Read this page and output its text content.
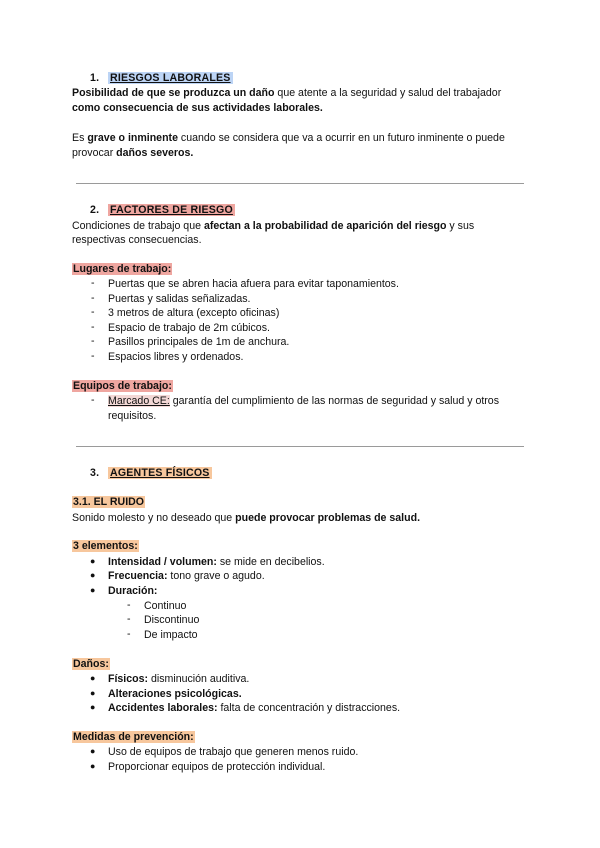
1. RIESGOS LABORALES
Posibilidad de que se produzca un daño que atente a la seguridad y salud del trabajador
como consecuencia de sus actividades laborales.
Es grave o inminente cuando se considera que va a ocurrir en un futuro inminente o puede
provocar daños severos.
2. FACTORES DE RIESGO
Condiciones de trabajo que afectan a la probabilidad de aparición del riesgo y sus
respectivas consecuencias.
Lugares de trabajo:
-	Puertas que se abren hacia afuera para evitar taponamientos.
-	Puertas y salidas señalizadas.
-	3 metros de altura (excepto oficinas)
-	Espacio de trabajo de 2m cúbicos.
-	Pasillos principales de 1m de anchura.
-	Espacios libres y ordenados.
Equipos de trabajo:
-	Marcado CE: garantía del cumplimiento de las normas de seguridad y salud y otros
requisitos.
3. AGENTES FÍSICOS
3.1. EL RUIDO
Sonido molesto y no deseado que puede provocar problemas de salud.
3 elementos:
●	Intensidad / volumen: se mide en decibelios.
●	Frecuencia: tono grave o agudo.
●	Duración:
-	Continuo
-	Discontinuo
-	De impacto
Daños:
●	Físicos: disminución auditiva.
●	Alteraciones psicológicas.
●	Accidentes laborales: falta de concentración y distracciones.
Medidas de prevención:
●	Uso de equipos de trabajo que generen menos ruido.
●	Proporcionar equipos de protección individual.
